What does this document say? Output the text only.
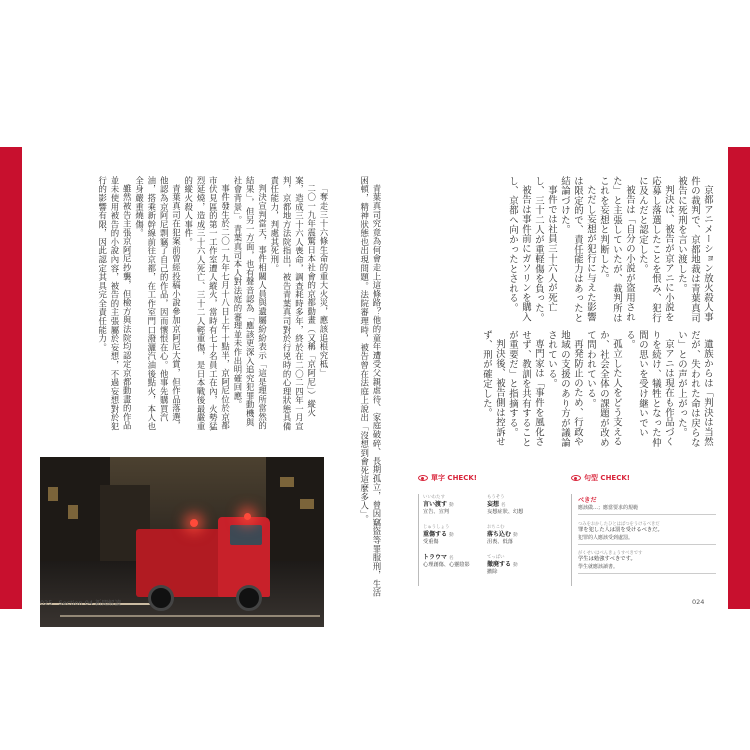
「奪走三十六條生命的重大火災，應該追根究柢」

二〇一九年震驚日本社會的京都動畫（又稱「京阿尼」）縱火案，造成三十六人喪命，調查耗時多年，終於在二〇二四年一月宣判，京都地方法院指出，被告青葉真司對於行兇時的心理狀態具備責任能力，判處其死刑。

判決宣判當天，事件相關人員與遺屬紛紛表示「這是理所當然的結果」，但另一方面，也有聲音認為「應該更深入追究犯罪動機與社會背景」。青葉真司本人對法庭的審理並未作出明確回應。

事件發生於二〇一九年七月十八日上午十點半，京阿尼位於京都市伏見區的第一工作室遭人縱火，當時有七十名員工在內，火勢猛烈延燒，造成三十六人死亡、三十二人輕重傷，是日本戰後最嚴重的縱火殺人事件。

青葉真司在犯案前曾經投稿小說參加京阿尼大賞，但作品落選，他認為京阿尼剽竊了自己的作品，因而懷恨在心。他事先購買汽油，搭乘新幹線前往京都，在工作室門口潑灑汽油後點火，本人也全身嚴重燒傷。

雖然被告主張京阿尼抄襲，但檢方與法院均認定京都動畫的作品並未使用被告的小說內容，被告的主張屬於妄想，不過妄想對於犯行的影響有限，因此認定其具完全責任能力。	青葉真司究竟為何會走上這條路？他的童年遭受父親虐待、家庭破碎、長期孤立，曾因竊盜等罪服刑，生活困頓，精神狀態也出現問題。法院審理時，被告曾在法庭上說出「沒想到會死這麼多人」。

025 Section 04 新聞解讀

京都アニメーション放火殺人事件の裁判で、京都地裁は青葉真司被告に死刑を言い渡した。

判決は、被告が京アニに小説を応募し落選したことを恨み、犯行に及んだと認定した。

被告は「自分の小説が盗用された」と主張していたが、裁判所はこれを妄想と判断した。

ただし妄想が犯行に与えた影響は限定的で、責任能力はあったと結論づけた。

事件では社員三十六人が死亡し、三十二人が重軽傷を負った。

被告は事件前にガソリンを購入し、京都へ向かったとされる。

遺族からは「判決は当然だが、失われた命は戻らない」との声が上がった。

京アニは現在も作品づくりを続け、犠牲となった仲間の思いを受け継いでいる。

孤立した人をどう支えるか、社会全体の課題が改めて問われている。

再発防止のため、行政や地域の支援のあり方が議論されている。

専門家は「事件を風化させず、教訓を共有することが重要だ」と指摘する。

判決後、被告側は控訴せず、刑が確定した。

單字 CHECK!
いいわたす
言い渡す 動
宣告、宣判
もうそう
妄想 名
妄想症狀、幻想
じゅうしょう
重傷する 動
受重傷
おちこむ
落ち込む 動
沮喪、低落
トラウマ 名
心理創傷、心靈陰影
てっぱい
撤廃する 動
撤除
句型 CHECK!
べきだ
應該做…；應當要求的規範
つみをおかしたひとはばつをうけるべきだ
罪を犯した人は罰を受けるべきだ。
犯罪的人應該受到處罰。
がくせいはべんきょうすべきです
学生は勉強すべきです。
學生就應該讀書。
024
